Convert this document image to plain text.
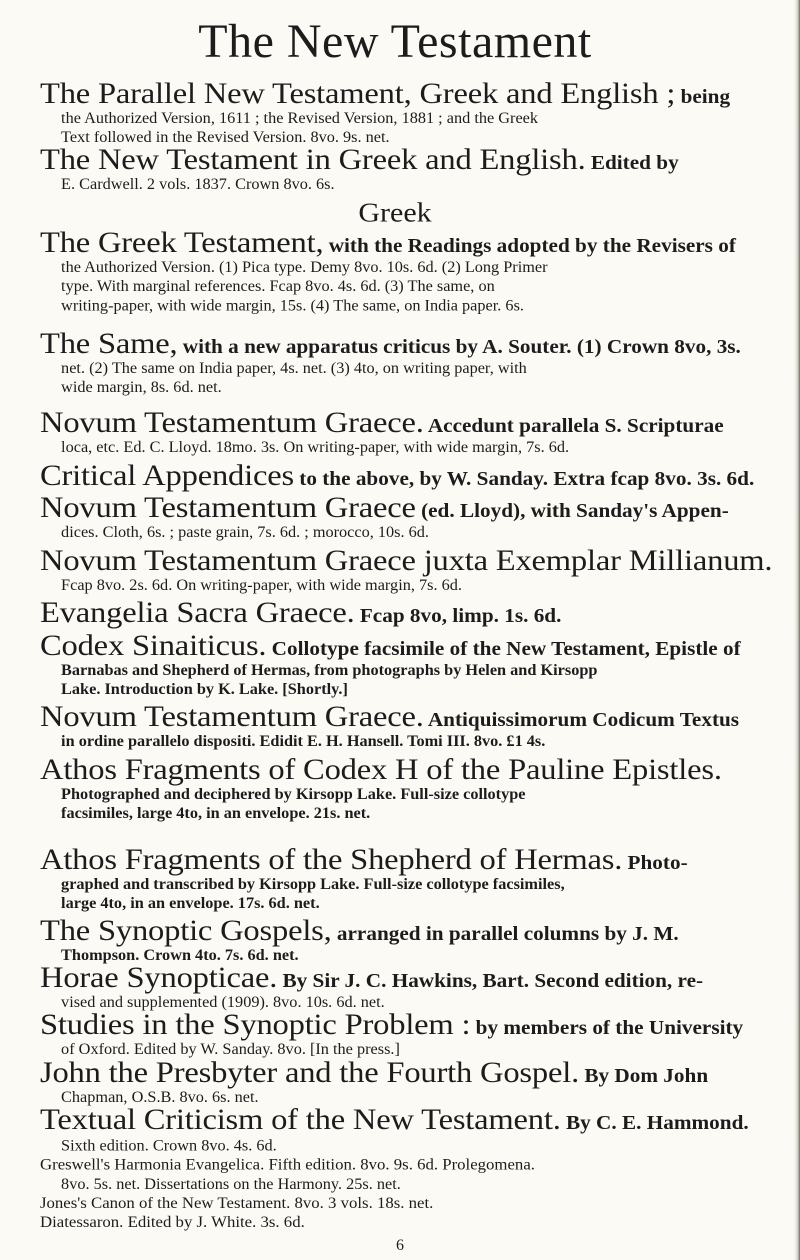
The New Testament
The Parallel New Testament, Greek and English ; being
the Authorized Version, 1611 ; the Revised Version, 1881 ; and the Greek
Text followed in the Revised Version. 8vo. 9s. net.
The New Testament in Greek and English. Edited by
E. Cardwell. 2 vols. 1837. Crown 8vo. 6s.
Greek
The Greek Testament, with the Readings adopted by the Revisers of
the Authorized Version. (1) Pica type. Demy 8vo. 10s. 6d. (2) Long Primer
type. With marginal references. Fcap 8vo. 4s. 6d. (3) The same, on
writing-paper, with wide margin, 15s. (4) The same, on India paper. 6s.
The Same, with a new apparatus criticus by A. Souter. (1) Crown 8vo, 3s.
net. (2) The same on India paper, 4s. net. (3) 4to, on writing paper, with
wide margin, 8s. 6d. net.
Novum Testamentum Graece. Accedunt parallela S. Scripturae
loca, etc. Ed. C. Lloyd. 18mo. 3s. On writing-paper, with wide margin, 7s. 6d.
Critical Appendices to the above, by W. Sanday. Extra fcap 8vo. 3s. 6d.
Novum Testamentum Graece (ed. Lloyd), with Sanday's Appen-
dices. Cloth, 6s. ; paste grain, 7s. 6d. ; morocco, 10s. 6d.
Novum Testamentum Graece juxta Exemplar Millianum.
Fcap 8vo. 2s. 6d. On writing-paper, with wide margin, 7s. 6d.
Evangelia Sacra Graece. Fcap 8vo, limp. 1s. 6d.
Codex Sinaiticus. Collotype facsimile of the New Testament, Epistle of
Barnabas and Shepherd of Hermas, from photographs by Helen and Kirsopp
Lake. Introduction by K. Lake. [Shortly.]
Novum Testamentum Graece. Antiquissimorum Codicum Textus
in ordine parallelo dispositi. Edidit E. H. Hansell. Tomi III. 8vo. £1 4s.
Athos Fragments of Codex H of the Pauline Epistles.
Photographed and deciphered by Kirsopp Lake. Full-size collotype
facsimiles, large 4to, in an envelope. 21s. net.
Athos Fragments of the Shepherd of Hermas. Photo-
graphed and transcribed by Kirsopp Lake. Full-size collotype facsimiles,
large 4to, in an envelope. 17s. 6d. net.
The Synoptic Gospels, arranged in parallel columns by J. M.
Thompson. Crown 4to. 7s. 6d. net.
Horae Synopticae. By Sir J. C. Hawkins, Bart. Second edition, re-
vised and supplemented (1909). 8vo. 10s. 6d. net.
Studies in the Synoptic Problem : by members of the University
of Oxford. Edited by W. Sanday. 8vo. [In the press.]
John the Presbyter and the Fourth Gospel. By Dom John
Chapman, O.S.B. 8vo. 6s. net.
Textual Criticism of the New Testament. By C. E. Hammond.
Sixth edition. Crown 8vo. 4s. 6d.
Greswell's Harmonia Evangelica. Fifth edition. 8vo. 9s. 6d. Prolegomena.
8vo. 5s. net. Dissertations on the Harmony. 25s. net.
Jones's Canon of the New Testament. 8vo. 3 vols. 18s. net.
Diatessaron. Edited by J. White. 3s. 6d.
6
